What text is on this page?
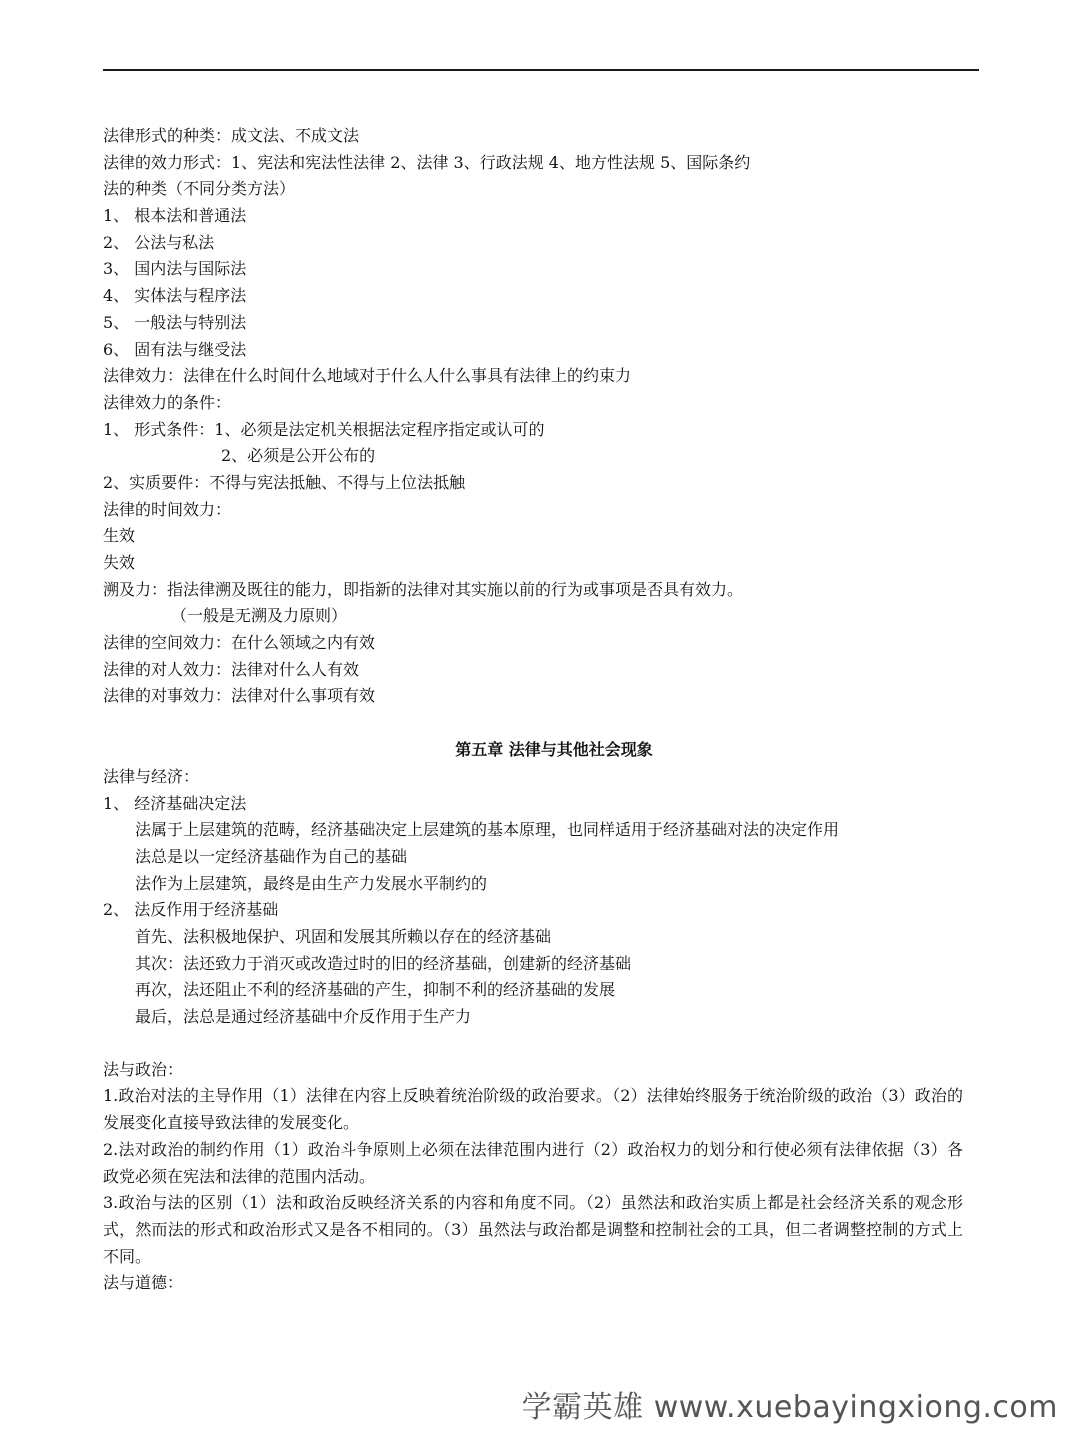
法律形式的种类：成文法、不成文法
法律的效力形式：1、宪法和宪法性法律 2、法律 3、行政法规 4、地方性法规 5、国际条约
法的种类（不同分类方法）
1、 根本法和普通法
2、 公法与私法
3、 国内法与国际法
4、 实体法与程序法
5、 一般法与特别法
6、 固有法与继受法
法律效力：法律在什么时间什么地域对于什么人什么事具有法律上的约束力
法律效力的条件：
1、 形式条件：1、必须是法定机关根据法定程序指定或认可的
2、必须是公开公布的
2、实质要件：不得与宪法抵触、不得与上位法抵触
法律的时间效力：
生效
失效
溯及力：指法律溯及既往的能力，即指新的法律对其实施以前的行为或事项是否具有效力。
（一般是无溯及力原则）
法律的空间效力：在什么领域之内有效
法律的对人效力：法律对什么人有效
法律的对事效力：法律对什么事项有效
第五章 法律与其他社会现象
法律与经济：
1、 经济基础决定法
法属于上层建筑的范畴，经济基础决定上层建筑的基本原理，也同样适用于经济基础对法的决定作用
法总是以一定经济基础作为自己的基础
法作为上层建筑，最终是由生产力发展水平制约的
2、 法反作用于经济基础
首先、法积极地保护、巩固和发展其所赖以存在的经济基础
其次：法还致力于消灭或改造过时的旧的经济基础，创建新的经济基础
再次，法还阻止不利的经济基础的产生，抑制不利的经济基础的发展
最后，法总是通过经济基础中介反作用于生产力
法与政治：
1.政治对法的主导作用（1）法律在内容上反映着统治阶级的政治要求。（2）法律始终服务于统治阶级的政治（3）政治的发展变化直接导致法律的发展变化。
2.法对政治的制约作用（1）政治斗争原则上必须在法律范围内进行（2）政治权力的划分和行使必须有法律依据（3）各政党必须在宪法和法律的范围内活动。
3.政治与法的区别（1）法和政治反映经济关系的内容和角度不同。（2）虽然法和政治实质上都是社会经济关系的观念形式，然而法的形式和政治形式又是各不相同的。（3）虽然法与政治都是调整和控制社会的工具，但二者调整控制的方式上不同。
法与道德：
学霸英雄 www.xuebayingxiong.com
